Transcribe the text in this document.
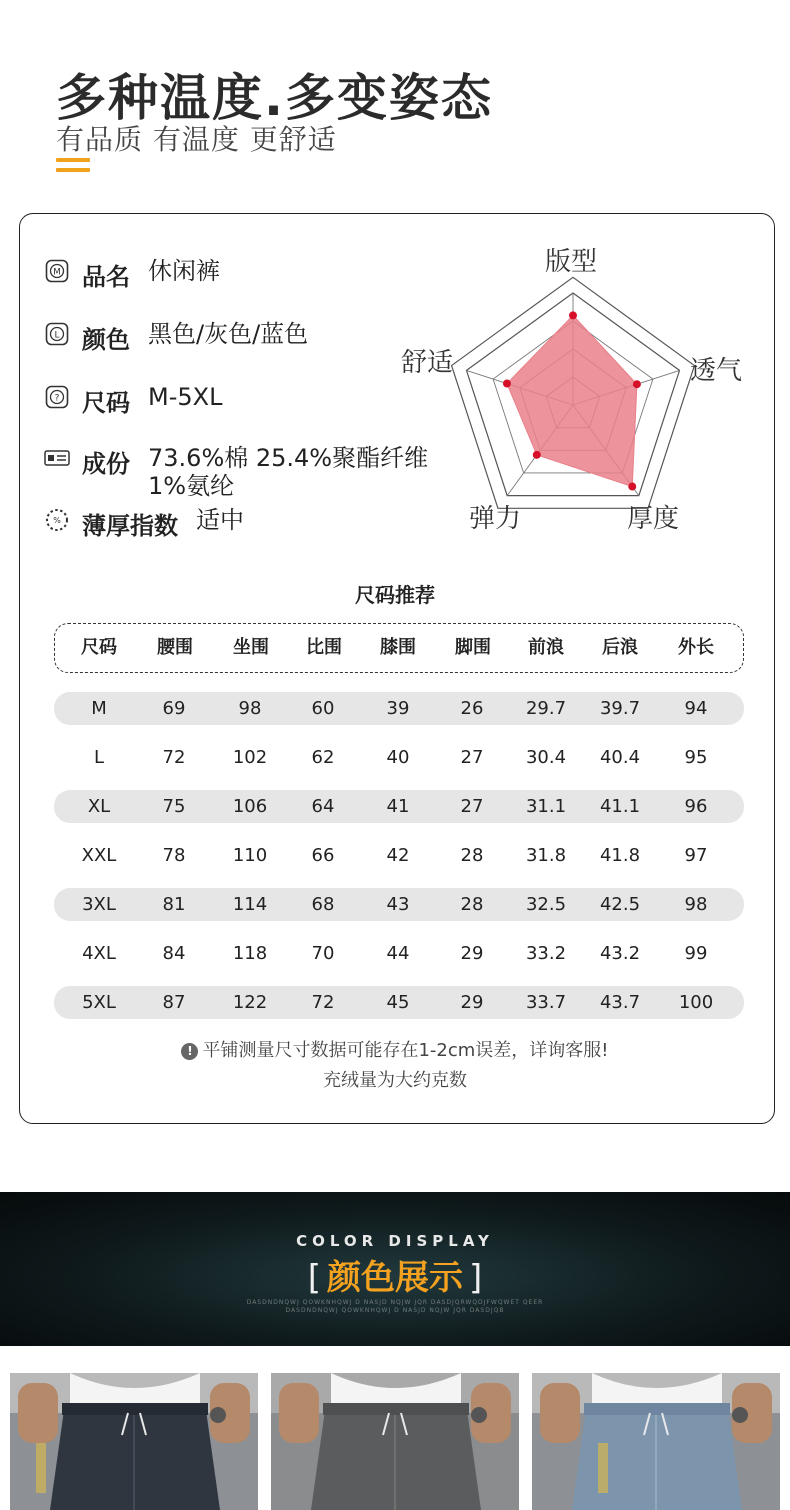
多种温度.多变姿态
有品质 有温度 更舒适
M 品名 休闲裤
L 颜色 黑色/灰色/蓝色
? 尺码 M-5XL
成份 73.6%棉 25.4%聚酯纤维
1%氨纶
% 薄厚指数 适中
版型
透气
厚度
弹力
舒适
尺码推荐
尺码	腰围	坐围	比围	膝围	脚围	前浪	后浪	外长
M	69	98	60	39	26	29.7	39.7	94
L	72	102	62	40	27	30.4	40.4	95
XL	75	106	64	41	27	31.1	41.1	96
XXL	78	110	66	42	28	31.8	41.8	97
3XL	81	114	68	43	28	32.5	42.5	98
4XL	84	118	70	44	29	33.2	43.2	99
5XL	87	122	72	45	29	33.7	43.7	100
! 平铺测量尺寸数据可能存在1-2cm误差，详询客服!
充绒量为大约克数
COLOR DISPLAY
[ 颜色展示 ]
DASDNDNQWJ QOWKNHQWJ D NASJD NQJW JQR DASDJQRWQDJFWQWET QEER
DASDNDNQWJ QOWKNHQWJ D NASJD NQJW JQR DASDJQB
